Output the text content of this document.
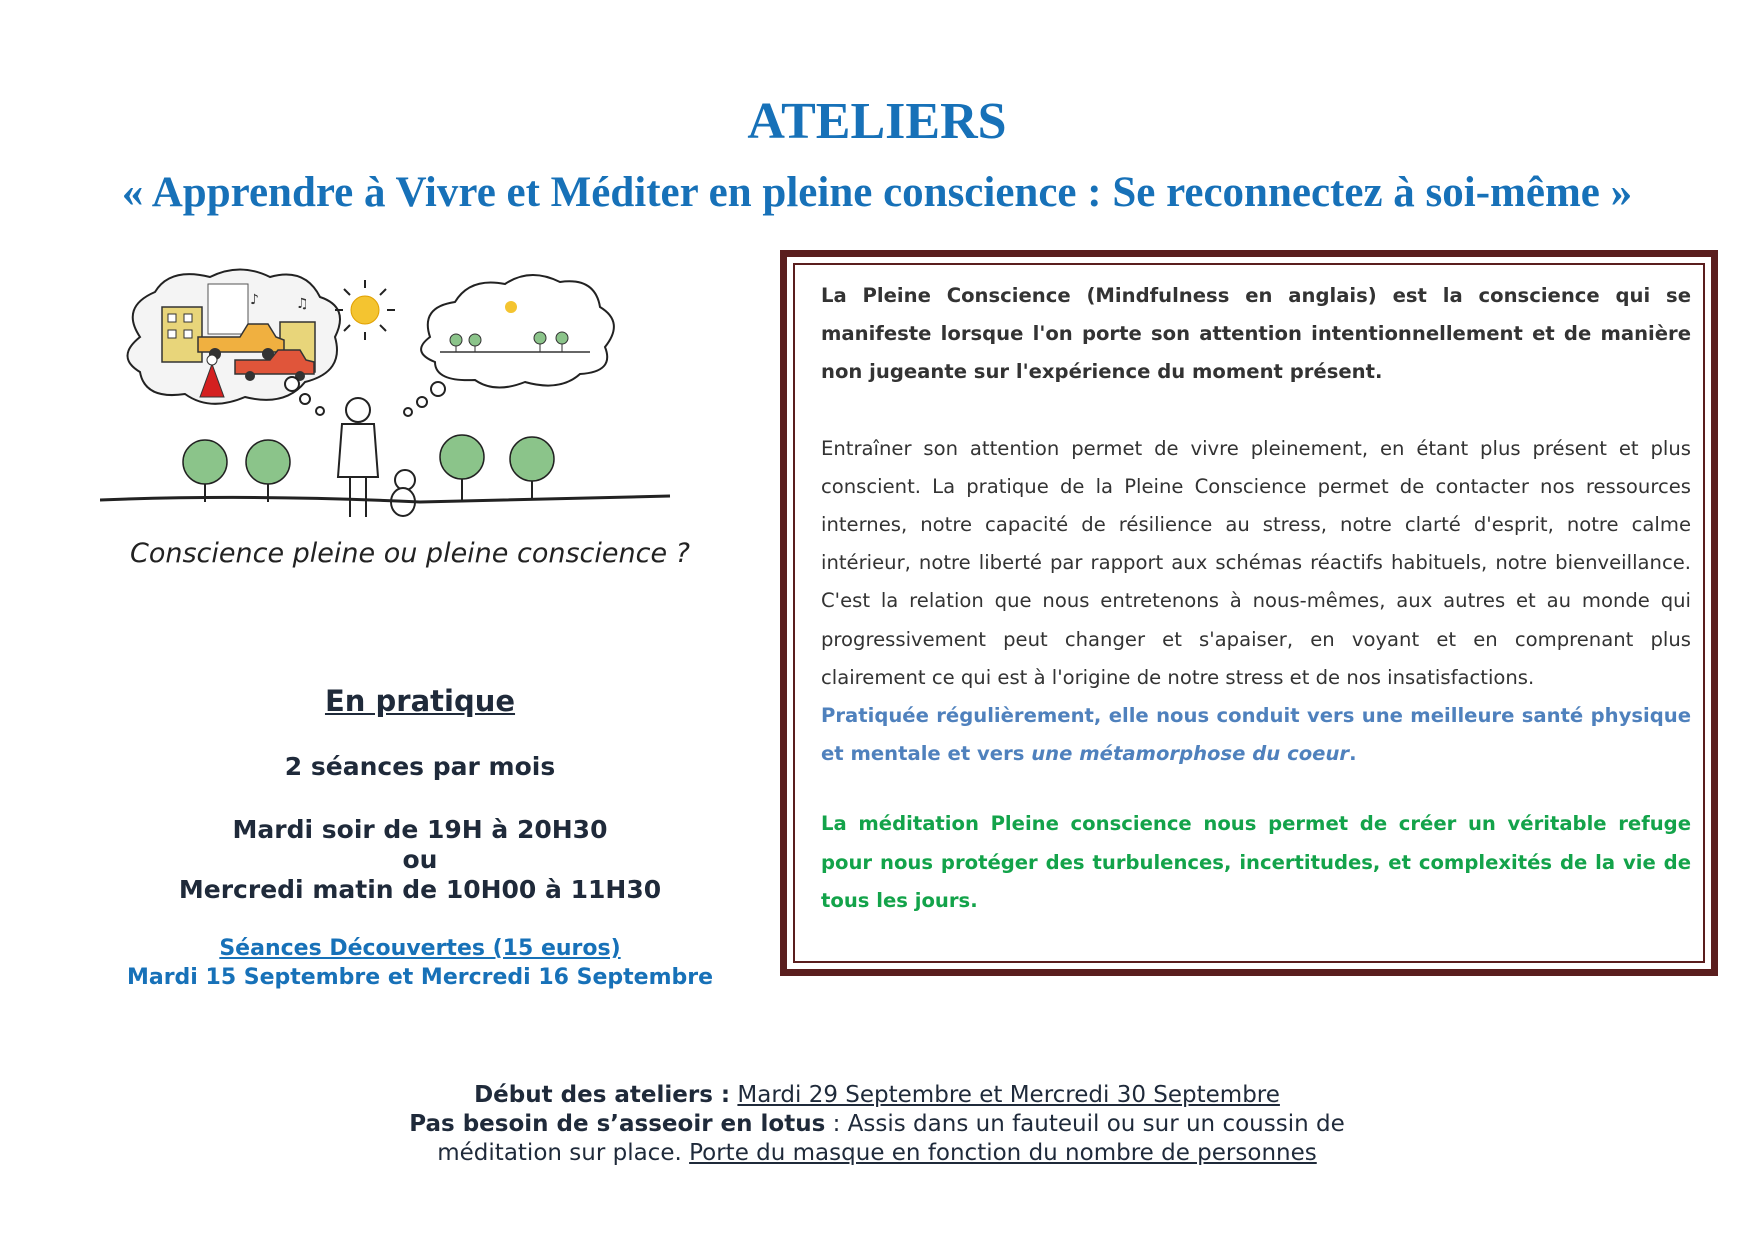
ATELIERS
« Apprendre à Vivre et Méditer en pleine conscience : Se reconnectez à soi-même »
♪	♫
Conscience pleine ou pleine conscience ?
En pratique
2 séances par mois
Mardi soir de 19H à 20H30
ou
Mercredi matin de 10H00 à 11H30
Séances Découvertes (15 euros)
Mardi 15 Septembre et Mercredi 16 Septembre

La Pleine Conscience (Mindfulness en anglais) est la conscience qui se manifeste lorsque l'on porte son attention intentionnellement et de manière non jugeante sur l'expérience du moment présent.

Entraîner son attention permet de vivre pleinement, en étant plus présent et plus conscient. La pratique de la Pleine Conscience permet de contacter nos ressources internes, notre capacité de résilience au stress, notre clarté d'esprit, notre calme intérieur, notre liberté par rapport aux schémas réactifs habituels, notre bienveillance. C'est la relation que nous entretenons à nous-mêmes, aux autres et au monde qui progressivement peut changer et s'apaiser, en voyant et en comprenant plus clairement ce qui est à l'origine de notre stress et de nos insatisfactions.

Pratiquée régulièrement, elle nous conduit vers une meilleure santé physique et mentale et vers une métamorphose du coeur.

La méditation Pleine conscience nous permet de créer un véritable refuge pour nous protéger des turbulences, incertitudes, et complexités de la vie de tous les jours.

Début des ateliers : Mardi 29 Septembre et Mercredi 30 Septembre
Pas besoin de s’asseoir en lotus : Assis dans un fauteuil ou sur un coussin de
méditation sur place. Porte du masque en fonction du nombre de personnes
